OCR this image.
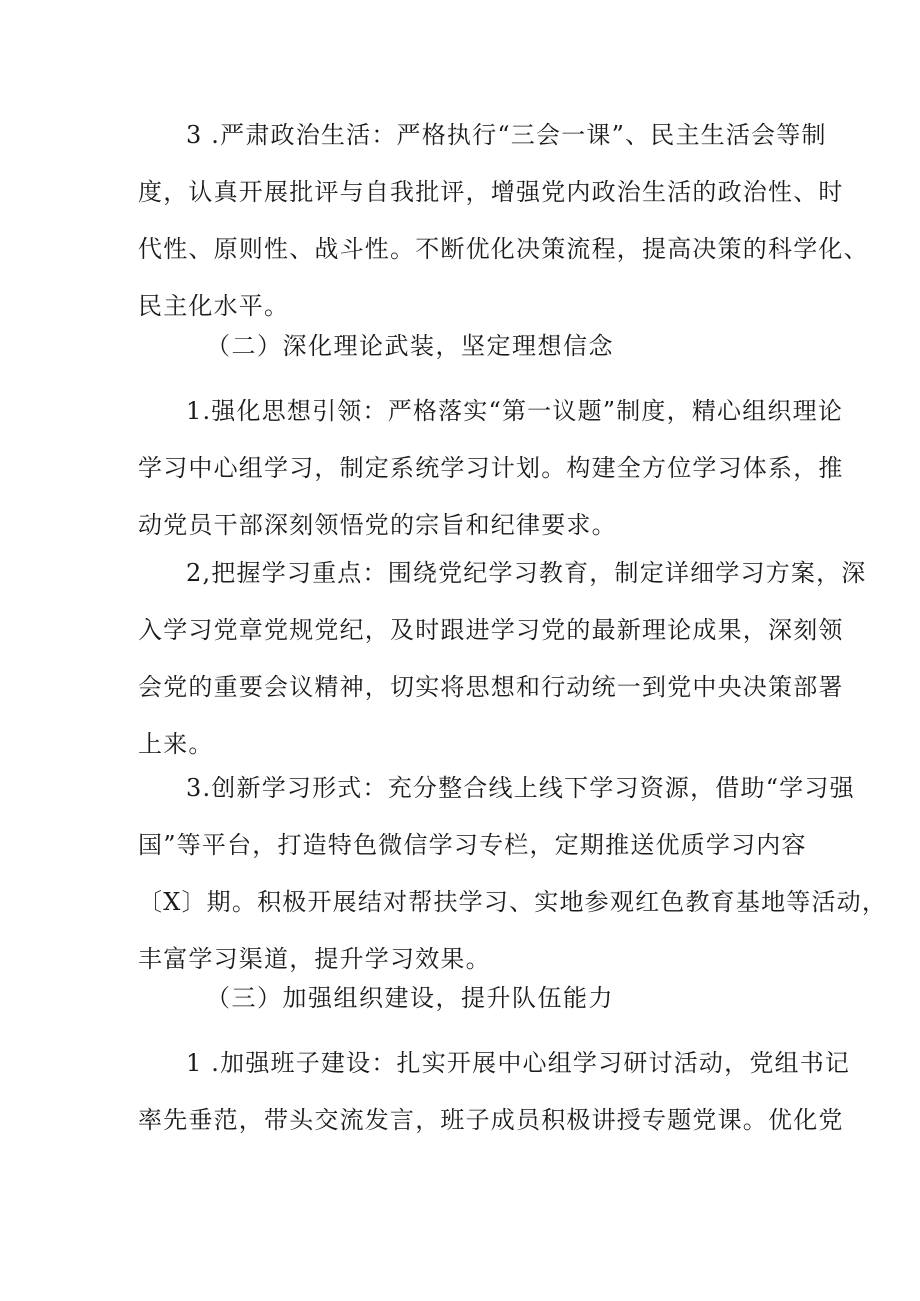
3 .严肃政治生活：严格执行“三会一课”、民主生活会等制
度，认真开展批评与自我批评，增强党内政治生活的政治性、时
代性、原则性、战斗性。不断优化决策流程，提高决策的科学化、
民主化水平。

（二）深化理论武装，坚定理想信念

1.强化思想引领：严格落实“第一议题”制度，精心组织理论
学习中心组学习，制定系统学习计划。构建全方位学习体系，推
动党员干部深刻领悟党的宗旨和纪律要求。

2,把握学习重点：围绕党纪学习教育，制定详细学习方案，深
入学习党章党规党纪，及时跟进学习党的最新理论成果，深刻领
会党的重要会议精神，切实将思想和行动统一到党中央决策部署
上来。

3.创新学习形式：充分整合线上线下学习资源，借助“学习强
国”等平台，打造特色微信学习专栏，定期推送优质学习内容
〔X〕期。积极开展结对帮扶学习、实地参观红色教育基地等活动，
丰富学习渠道，提升学习效果。

（三）加强组织建设，提升队伍能力

1 .加强班子建设：扎实开展中心组学习研讨活动，党组书记
率先垂范，带头交流发言，班子成员积极讲授专题党课。优化党
